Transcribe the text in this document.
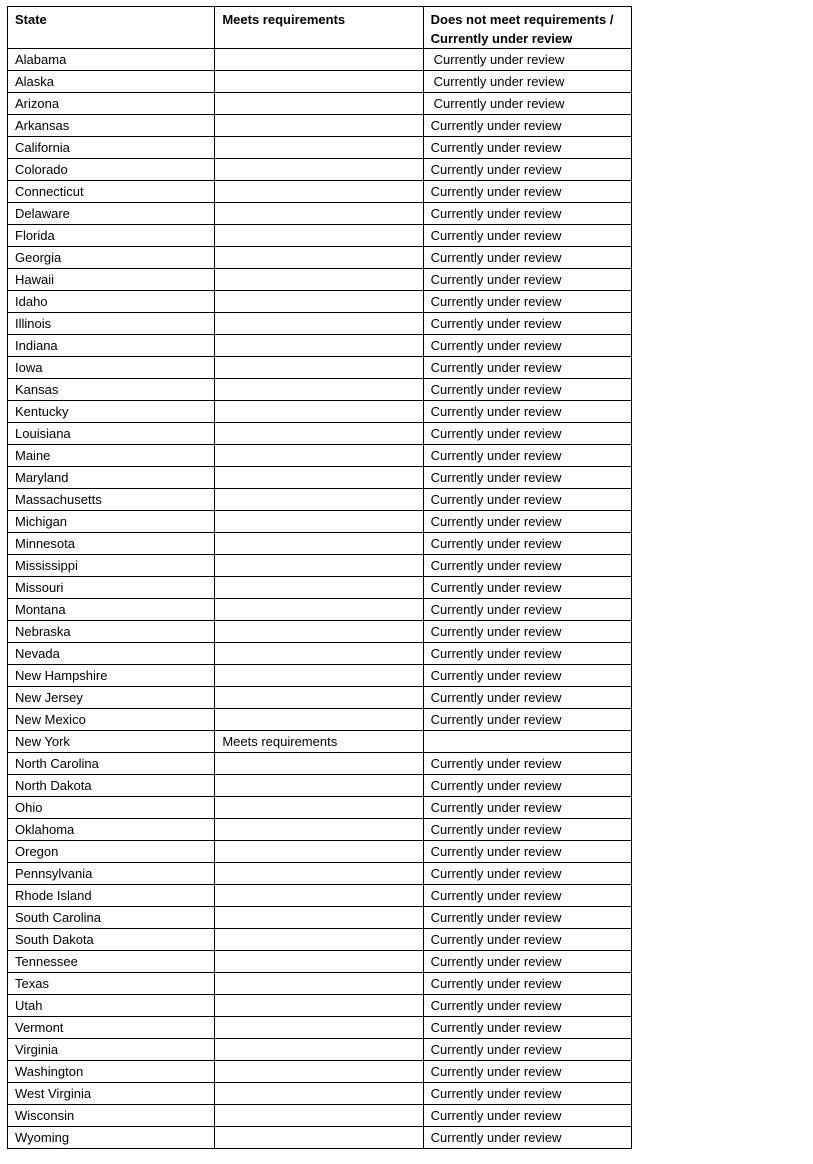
State	Meets requirements	Does not meet requirements / Currently under review
Alabama		Currently under review
Alaska		Currently under review
Arizona		Currently under review
Arkansas		Currently under review
California		Currently under review
Colorado		Currently under review
Connecticut		Currently under review
Delaware		Currently under review
Florida		Currently under review
Georgia		Currently under review
Hawaii		Currently under review
Idaho		Currently under review
Illinois		Currently under review
Indiana		Currently under review
Iowa		Currently under review
Kansas		Currently under review
Kentucky		Currently under review
Louisiana		Currently under review
Maine		Currently under review
Maryland		Currently under review
Massachusetts		Currently under review
Michigan		Currently under review
Minnesota		Currently under review
Mississippi		Currently under review
Missouri		Currently under review
Montana		Currently under review
Nebraska		Currently under review
Nevada		Currently under review
New Hampshire		Currently under review
New Jersey		Currently under review
New Mexico		Currently under review
New York	Meets requirements	
North Carolina		Currently under review
North Dakota		Currently under review
Ohio		Currently under review
Oklahoma		Currently under review
Oregon		Currently under review
Pennsylvania		Currently under review
Rhode Island		Currently under review
South Carolina		Currently under review
South Dakota		Currently under review
Tennessee		Currently under review
Texas		Currently under review
Utah		Currently under review
Vermont		Currently under review
Virginia		Currently under review
Washington		Currently under review
West Virginia		Currently under review
Wisconsin		Currently under review
Wyoming		Currently under review
